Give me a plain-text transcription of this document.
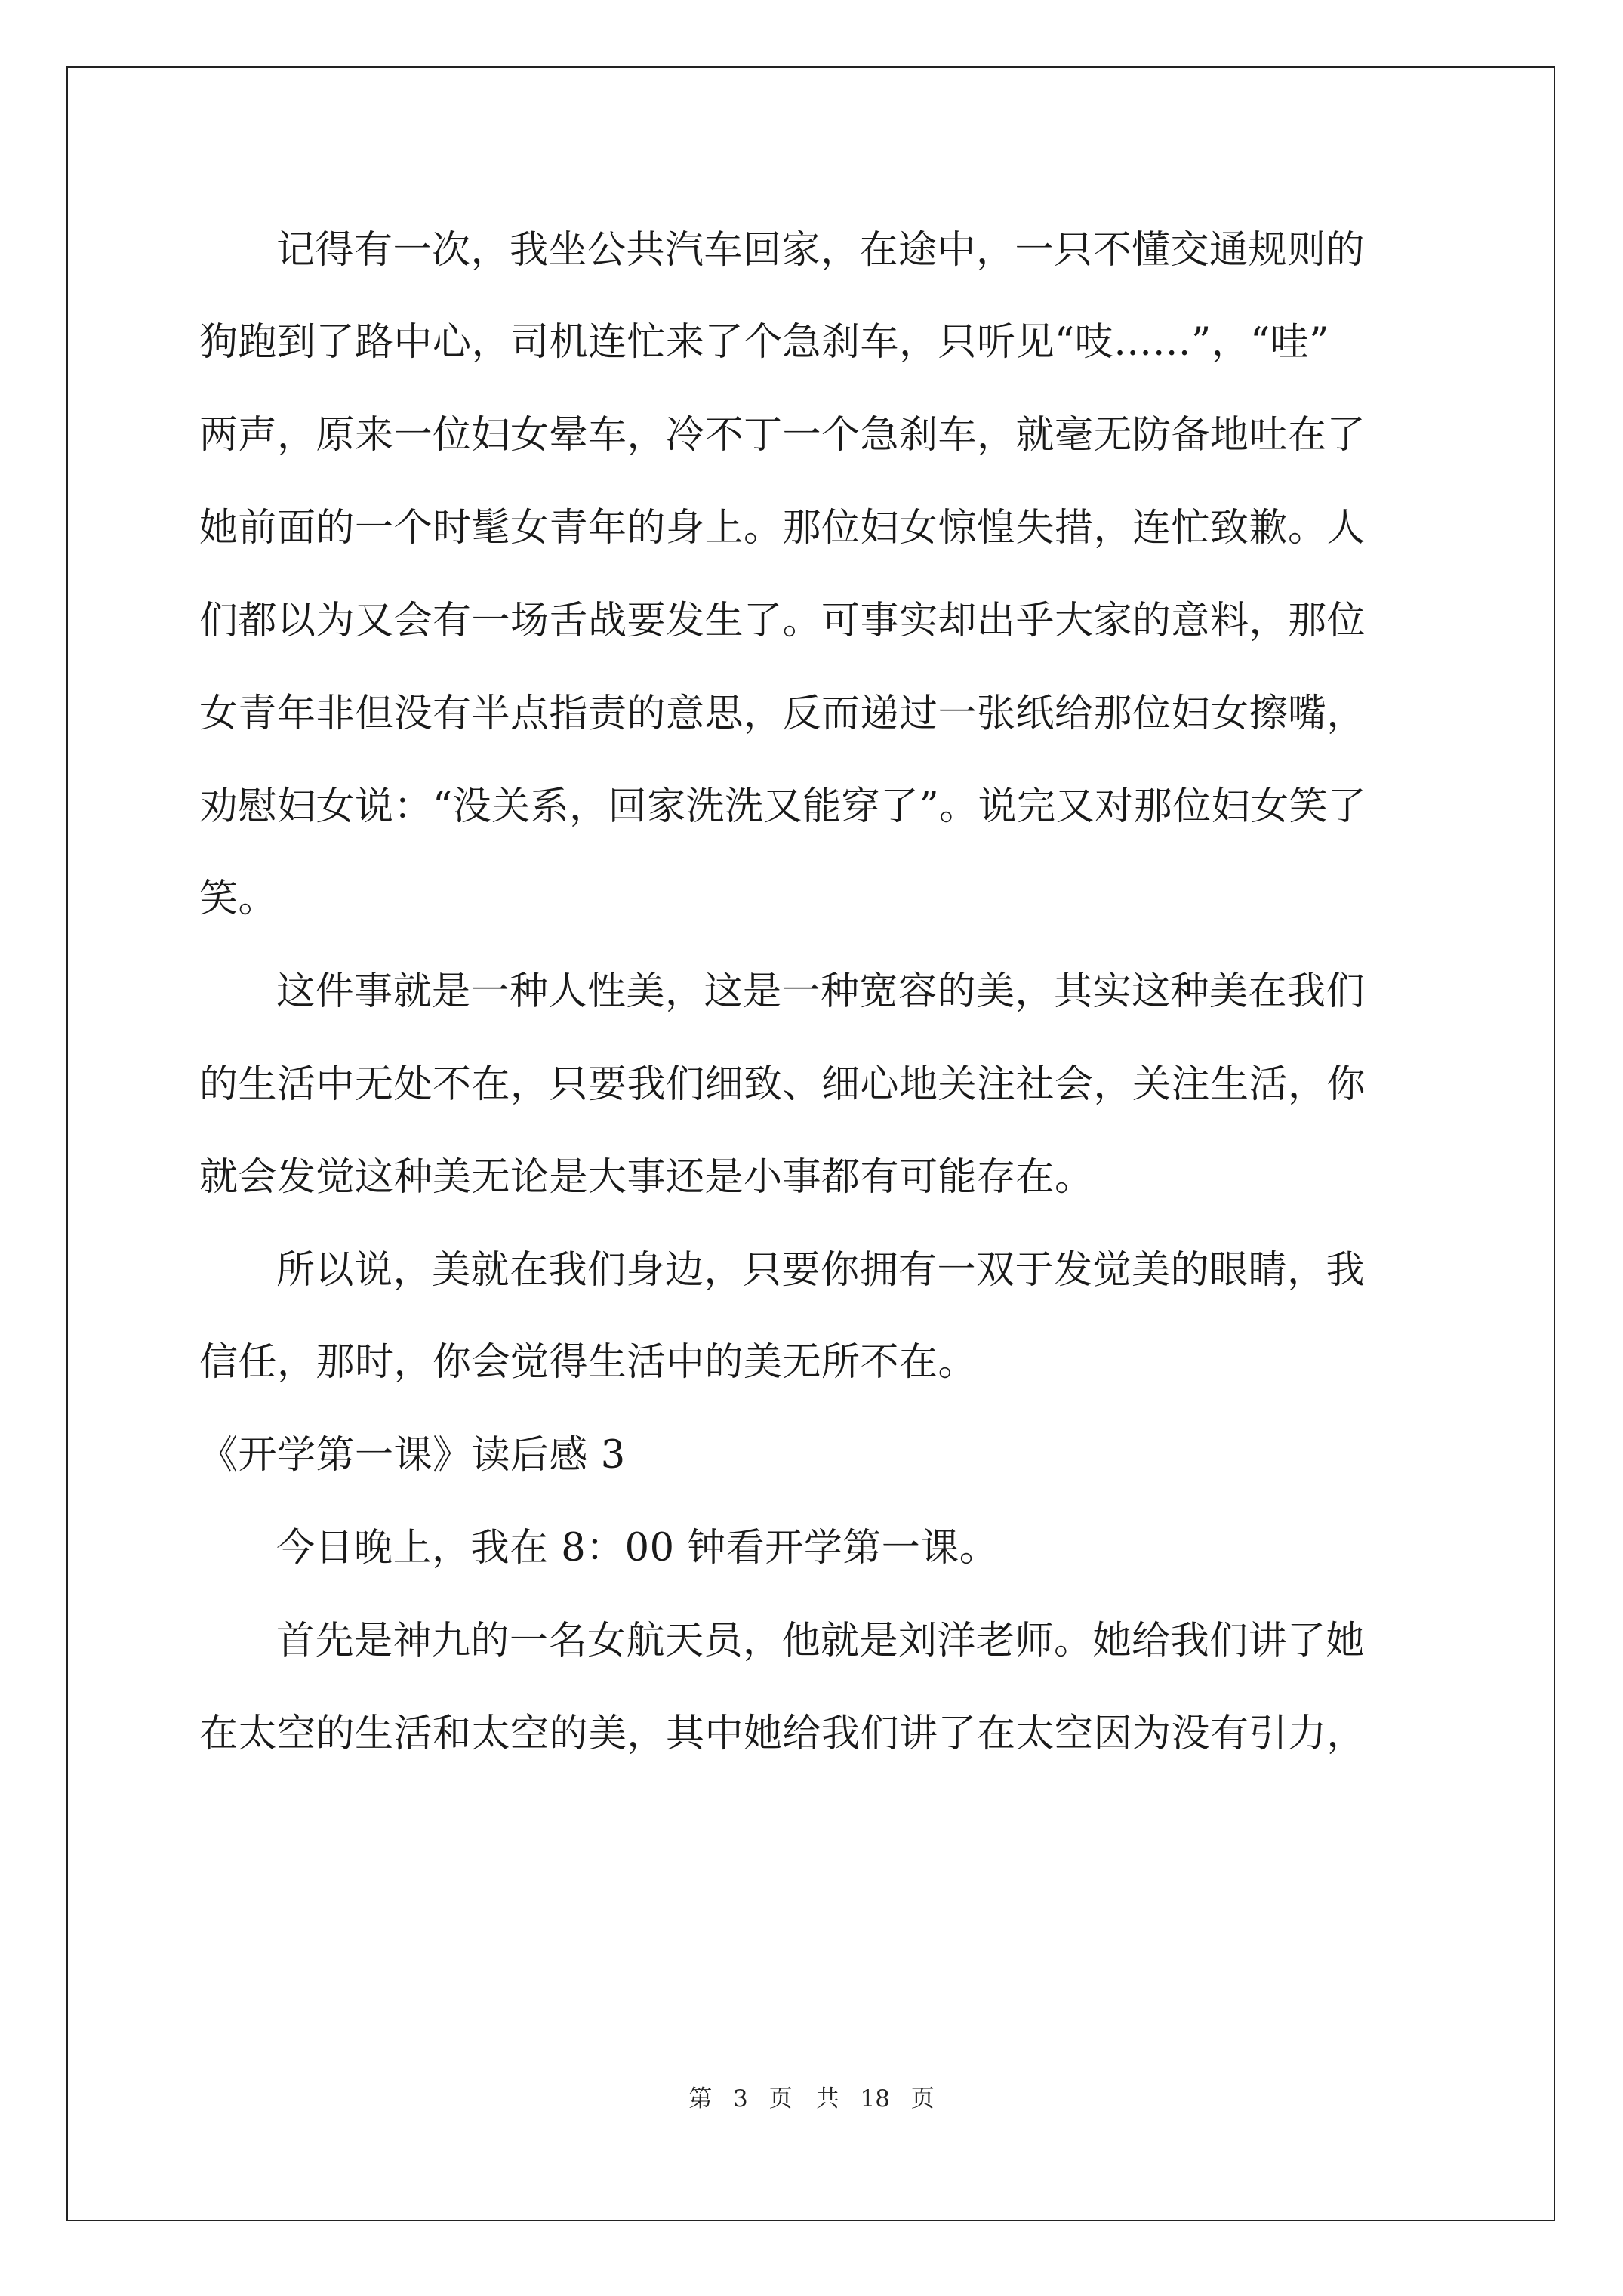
记得有一次，我坐公共汽车回家，在途中，一只不懂交通规则的
狗跑到了路中心，司机连忙来了个急刹车，只听见“吱……”，“哇”
两声，原来一位妇女晕车，冷不丁一个急刹车，就毫无防备地吐在了
她前面的一个时髦女青年的身上。那位妇女惊惶失措，连忙致歉。人
们都以为又会有一场舌战要发生了。可事实却出乎大家的意料，那位
女青年非但没有半点指责的意思，反而递过一张纸给那位妇女擦嘴，
劝慰妇女说：“没关系，回家洗洗又能穿了”。说完又对那位妇女笑了
笑。
这件事就是一种人性美，这是一种宽容的美，其实这种美在我们
的生活中无处不在，只要我们细致、细心地关注社会，关注生活，你
就会发觉这种美无论是大事还是小事都有可能存在。
所以说，美就在我们身边，只要你拥有一双于发觉美的眼睛，我
信任，那时，你会觉得生活中的美无所不在。
《开学第一课》读后感 3
今日晚上，我在 8：00 钟看开学第一课。
首先是神九的一名女航天员，他就是刘洋老师。她给我们讲了她
在太空的生活和太空的美，其中她给我们讲了在太空因为没有引力，
第 3 页　共 18 页
